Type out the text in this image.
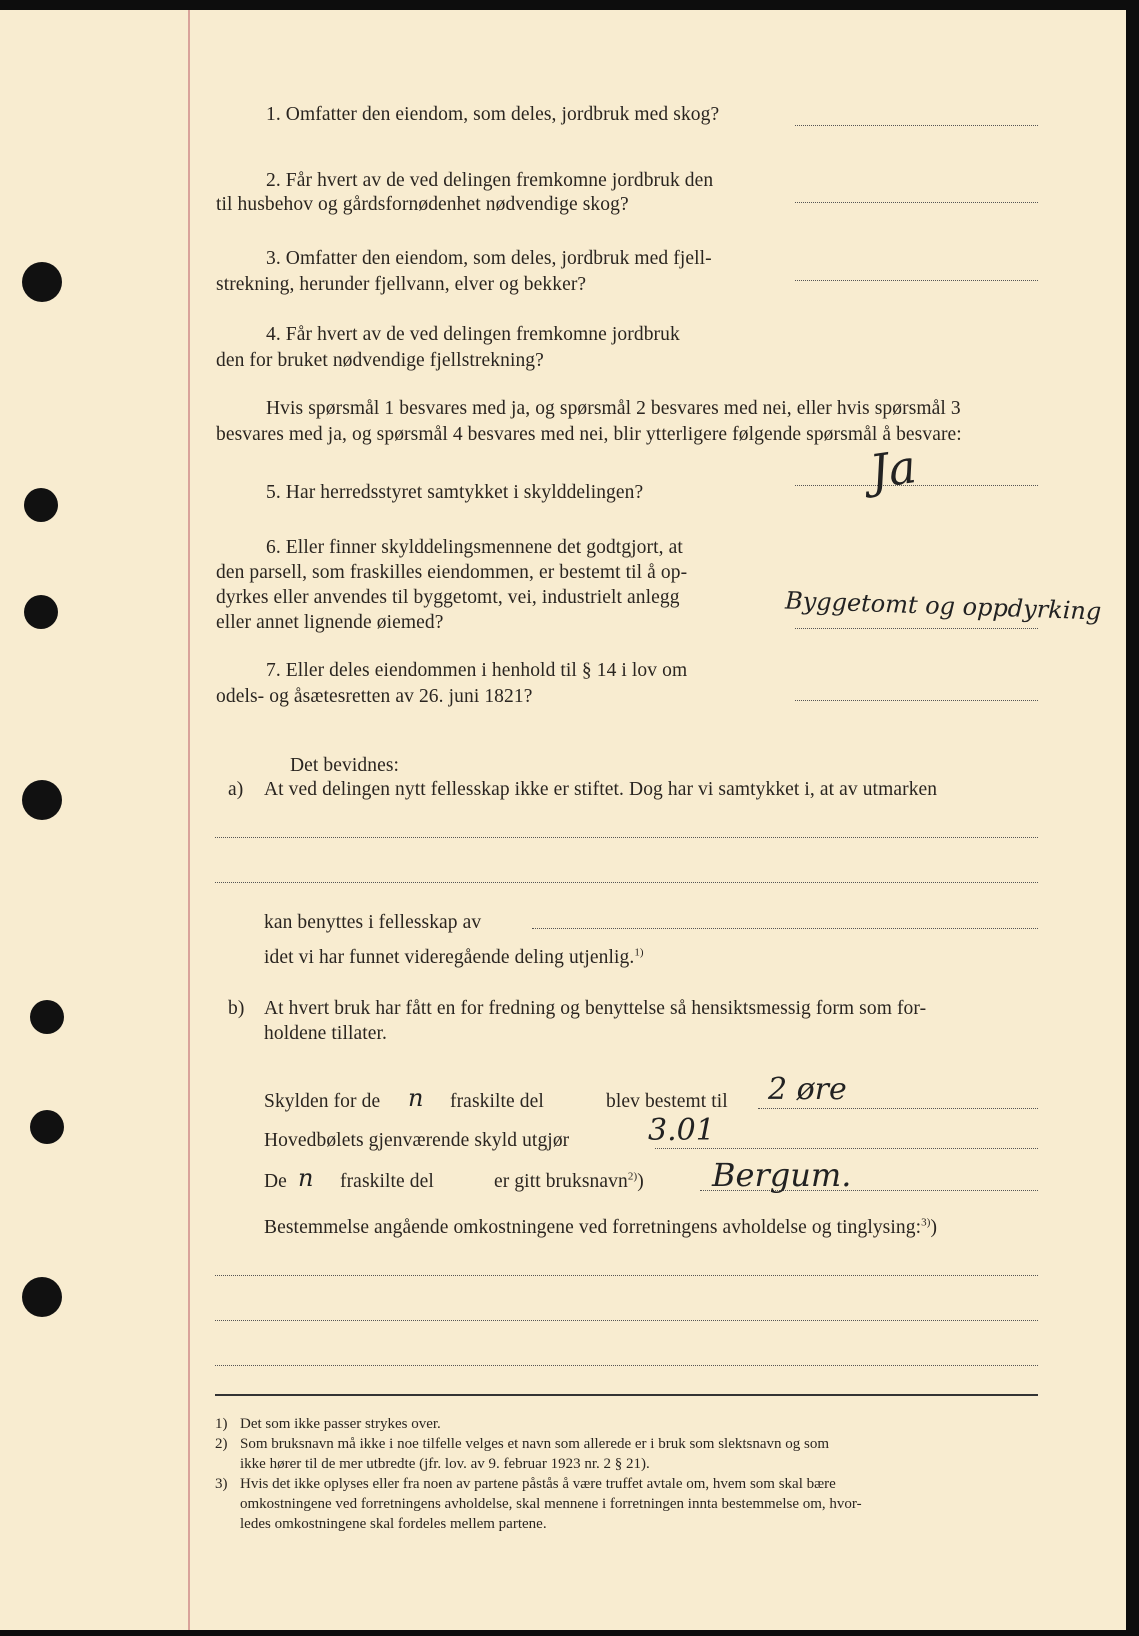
1. Omfatter den eiendom, som deles, jordbruk med skog?
2. Får hvert av de ved delingen fremkomne jordbruk den
til husbehov og gårdsfornødenhet nødvendige skog?
3. Omfatter den eiendom, som deles, jordbruk med fjell-
strekning, herunder fjellvann, elver og bekker?
4. Får hvert av de ved delingen fremkomne jordbruk
den for bruket nødvendige fjellstrekning?
Hvis spørsmål 1 besvares med ja, og spørsmål 2 besvares med nei, eller hvis spørsmål 3
besvares med ja, og spørsmål 4 besvares med nei, blir ytterligere følgende spørsmål å besvare:
5. Har herredsstyret samtykket i skylddelingen?	Ja
6. Eller finner skylddelingsmennene det godtgjort, at
den parsell, som fraskilles eiendommen, er bestemt til å op-
dyrkes eller anvendes til byggetomt, vei, industrielt anlegg
eller annet lignende øiemed?	Byggetomt og oppdyrking
7. Eller deles eiendommen i henhold til § 14 i lov om
odels- og åsætesretten av 26. juni 1821?
Det bevidnes:
a) At ved delingen nytt fellesskap ikke er stiftet. Dog har vi samtykket i, at av utmarken
kan benyttes i fellesskap av
idet vi har funnet videregående deling utjenlig.$^{1)}$
b) At hvert bruk har fått en for fredning og benyttelse så hensiktsmessig form som for-
holdene tillater.
Skylden for de n fraskilte del	blev bestemt til 2 øre
Hovedbølets gjenværende skyld utgjør	3.01
De n fraskilte del	er gitt bruksnavn$^{2)}$) Bergum.
Bestemmelse angående omkostningene ved forretningens avholdelse og tinglysing:$^{3)}$)
1) Det som ikke passer strykes over.
2) Som bruksnavn må ikke i noe tilfelle velges et navn som allerede er i bruk som slektsnavn og som
ikke hører til de mer utbredte (jfr. lov. av 9. februar 1923 nr. 2 § 21).
3) Hvis det ikke oplyses eller fra noen av partene påstås å være truffet avtale om, hvem som skal bære
omkostningene ved forretningens avholdelse, skal mennene i forretningen innta bestemmelse om, hvor-
ledes omkostningene skal fordeles mellem partene.
